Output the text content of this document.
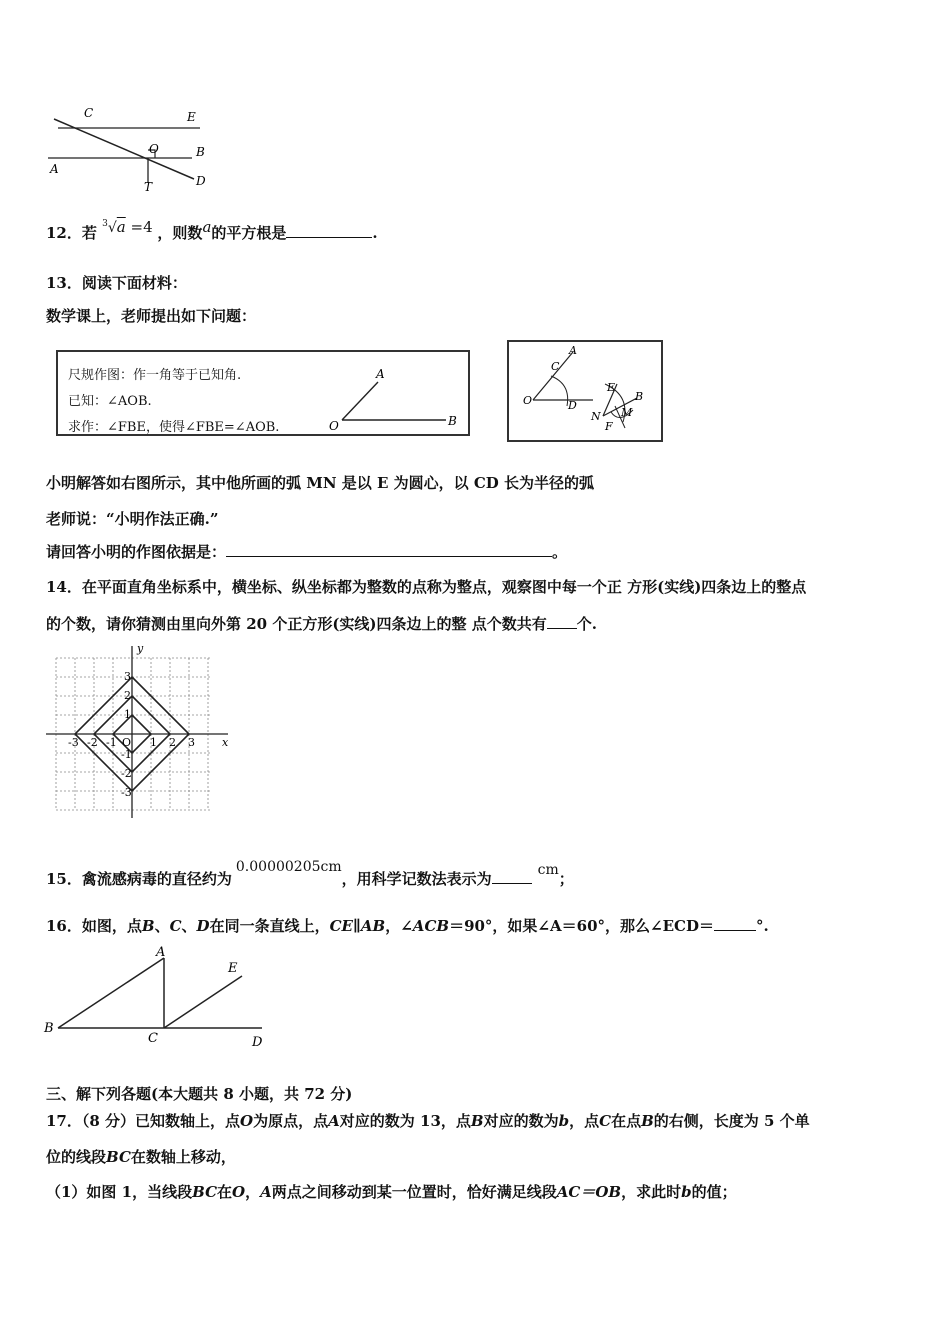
C	E
O	B
A
T	D
12．若 $^3$√a =4 ，则数a的平方根是	.
13．阅读下面材料：
数学课上，老师提出如下问题：
尺规作图：作一角等于已知角.
已知：∠AOB.
求作：∠FBE，使得∠FBE=∠AOB.
A
O	B
A
C
O	D
E
B
N M
F
小明解答如右图所示，其中他所画的弧 MN 是以 E 为圆心，以 CD 长为半径的弧
老师说：“小明作法正确.”
请回答小明的作图依据是：	。
14．在平面直角坐标系中，横坐标、纵坐标都为整数的点称为整点，观察图中每一个正 方形(实线)四条边上的整点
的个数，请你猜测由里向外第 20 个正方形(实线)四条边上的整 点个数共有 个.
y
x
-3 -2 -1 O 1 2 3
3
2
1
-1
-2
-3
15．禽流感病毒的直径约为0.00000205cm，用科学记数法表示为	cm；
16．如图，点B、C、D在同一条直线上，CE∥AB，∠ACB＝90°，如果∠A＝60°，那么∠ECD＝	°.
A
E
B
C	D
三、解下列各题(本大题共 8 小题，共 72 分)
17．（8 分）已知数轴上，点O为原点，点A对应的数为 13，点B对应的数为b，点C在点B的右侧，长度为 5 个单
位的线段BC在数轴上移动，
（1）如图 1，当线段BC在O，A两点之间移动到某一位置时，恰好满足线段AC＝OB，求此时b的值；
